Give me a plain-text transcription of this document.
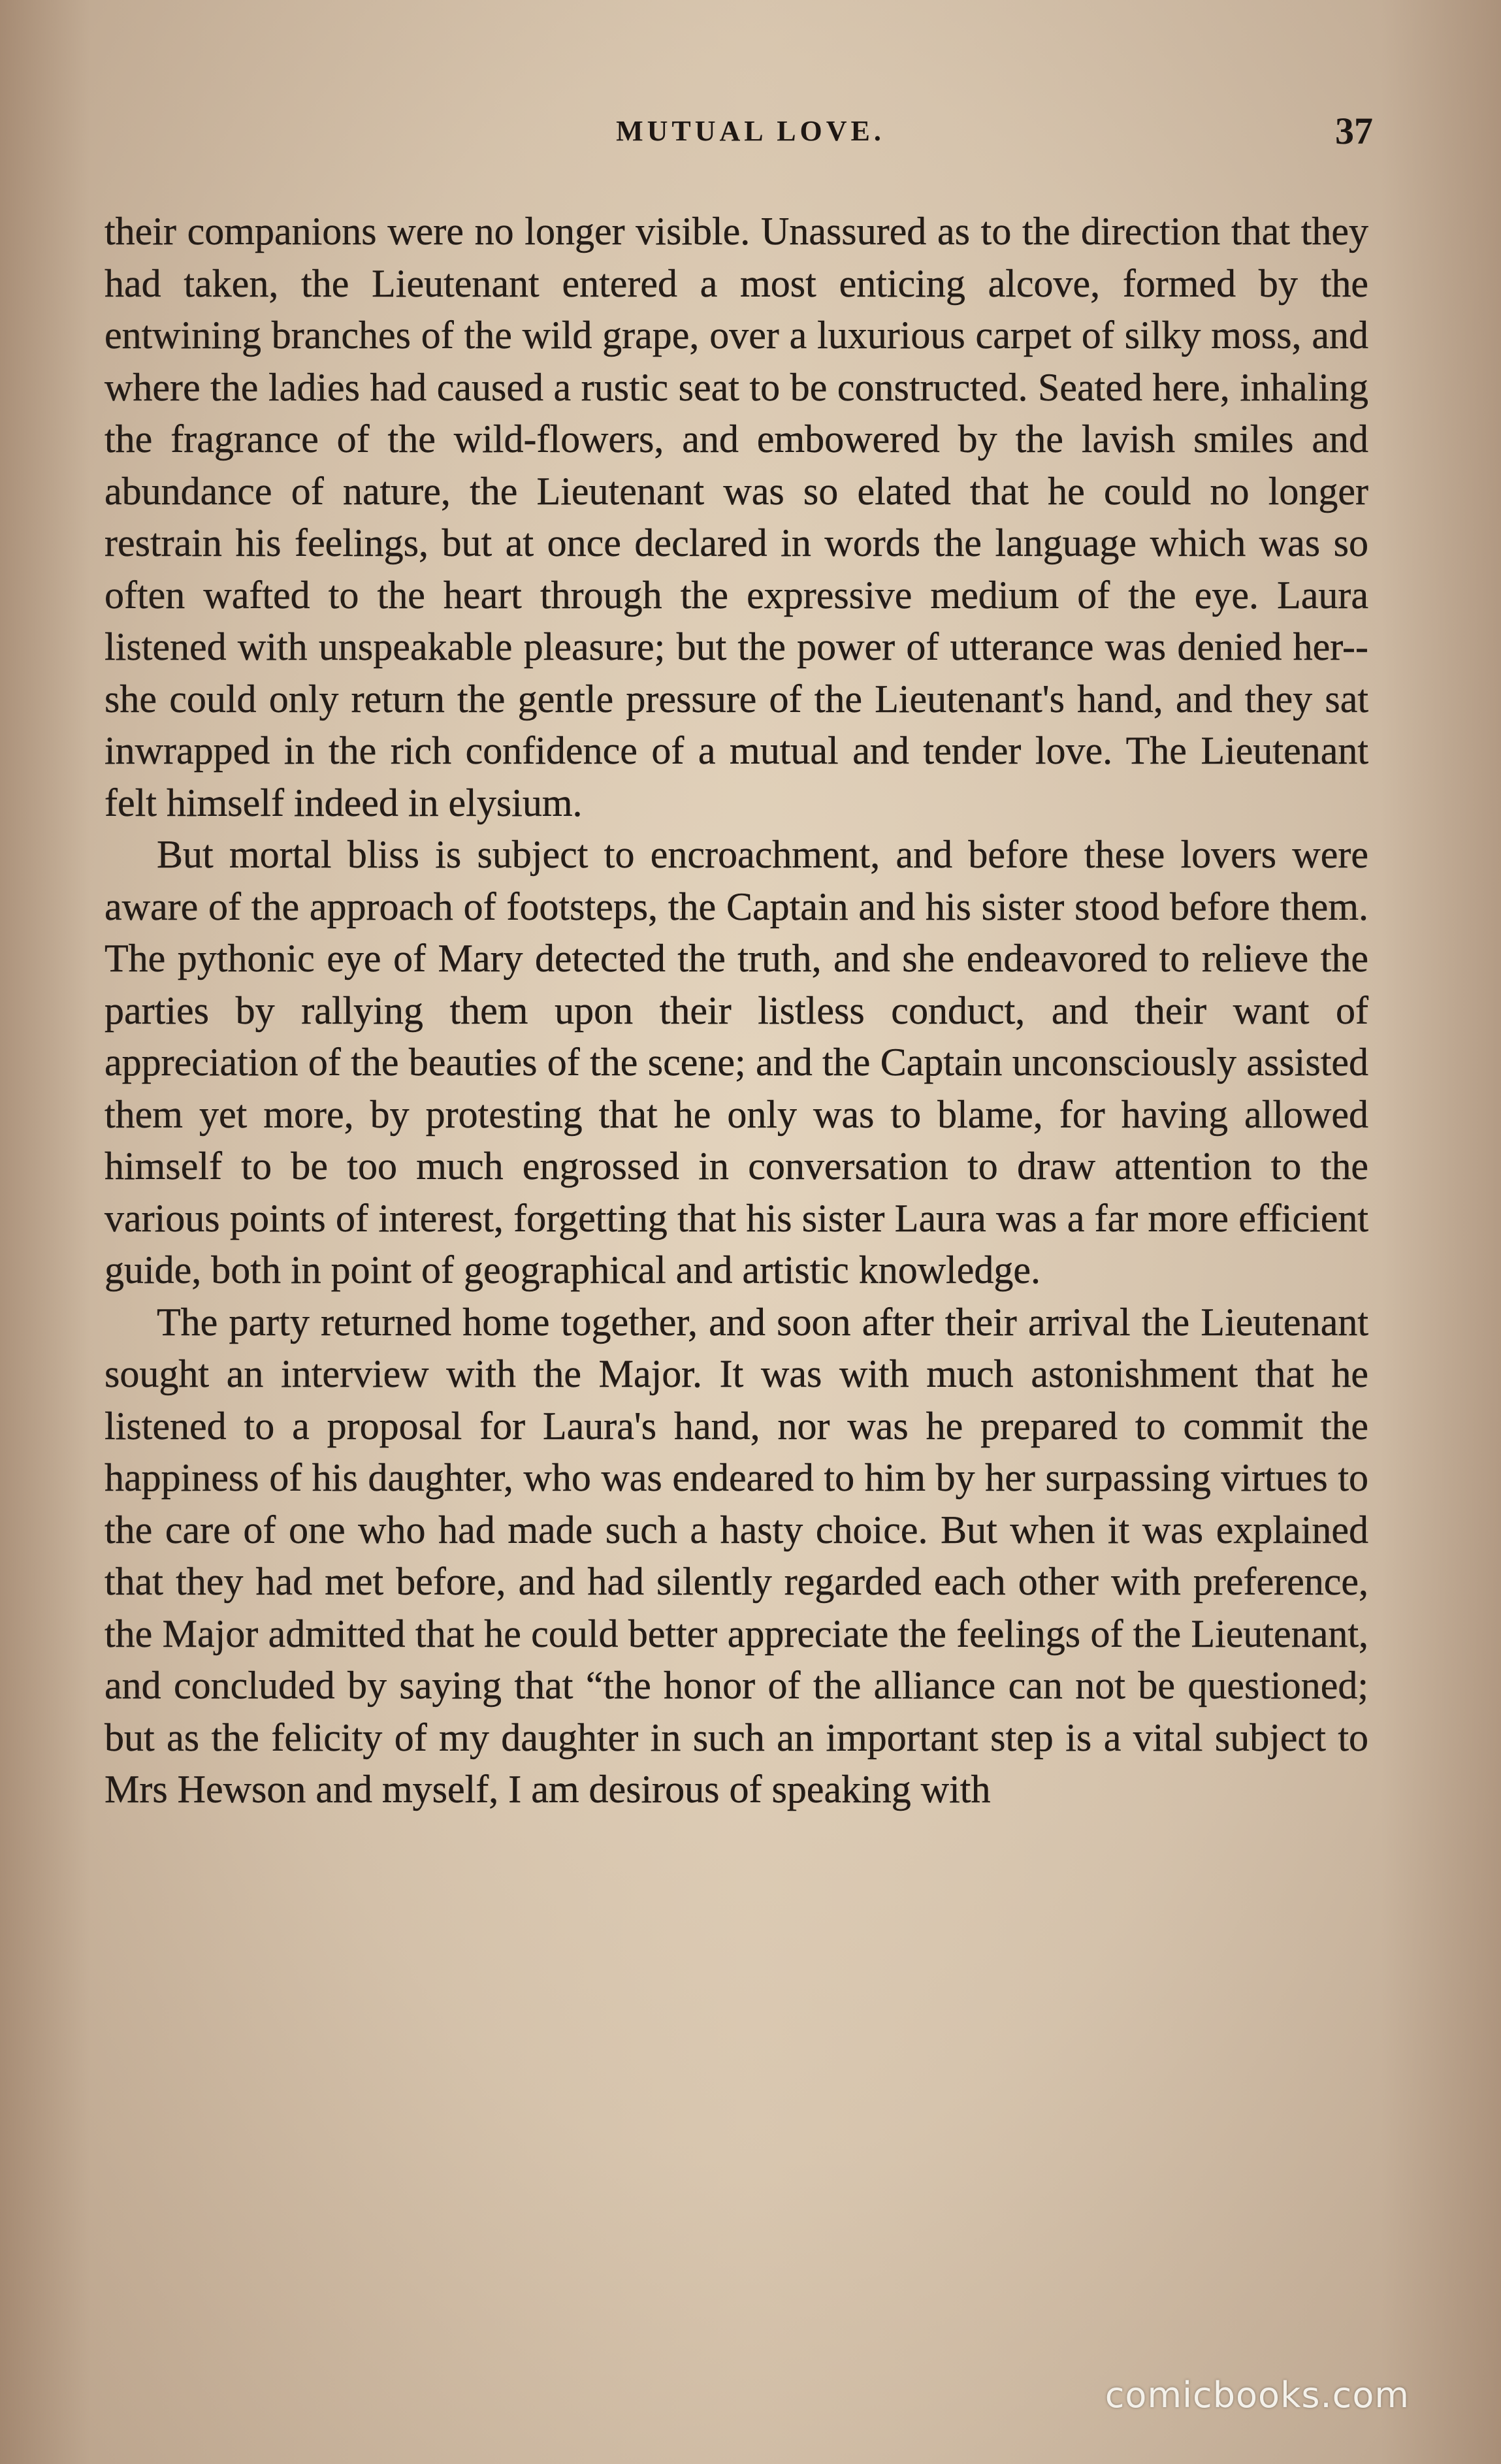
MUTUAL LOVE.	37

their companions were no longer visible. Unassured as to the direction that they had taken, the Lieutenant entered a most enticing alcove, formed by the entwining branches of the wild grape, over a luxurious carpet of silky moss, and where the ladies had caused a rustic seat to be constructed. Seated here, inhaling the fragrance of the wild-flowers, and embowered by the lavish smiles and abundance of nature, the Lieutenant was so elated that he could no longer restrain his feelings, but at once declared in words the language which was so often wafted to the heart through the expressive medium of the eye. Laura listened with unspeakable pleasure; but the power of utterance was denied her--she could only return the gentle pressure of the Lieutenant's hand, and they sat inwrapped in the rich confidence of a mutual and tender love. The Lieutenant felt himself indeed in elysium.

But mortal bliss is subject to encroachment, and before these lovers were aware of the approach of footsteps, the Captain and his sister stood before them. The pythonic eye of Mary detected the truth, and she endeavored to relieve the parties by rallying them upon their listless conduct, and their want of appreciation of the beauties of the scene; and the Captain unconsciously assisted them yet more, by protesting that he only was to blame, for having allowed himself to be too much engrossed in conversation to draw attention to the various points of interest, forgetting that his sister Laura was a far more efficient guide, both in point of geographical and artistic knowledge.

The party returned home together, and soon after their arrival the Lieutenant sought an interview with the Major. It was with much astonishment that he listened to a proposal for Laura's hand, nor was he prepared to commit the happiness of his daughter, who was endeared to him by her surpassing virtues to the care of one who had made such a hasty choice. But when it was explained that they had met before, and had silently regarded each other with preference, the Major admitted that he could better appreciate the feelings of the Lieutenant, and concluded by saying that “the honor of the alliance can not be questioned; but as the felicity of my daughter in such an important step is a vital subject to Mrs Hewson and myself, I am desirous of speaking with

comicbooks.com
